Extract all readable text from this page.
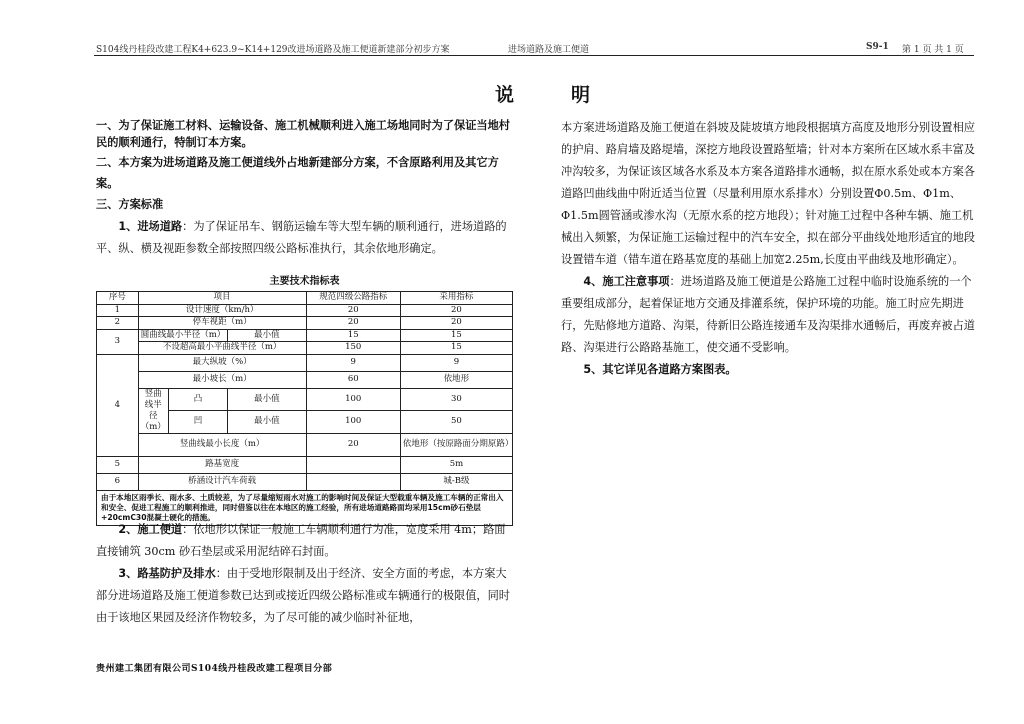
S104线丹桂段改建工程K4+623.9~K14+129改进场道路及施工便道新建部分初步方案	进场道路及施工便道	S9-1 第 1 页 共 1 页
说	明

一、为了保证施工材料、运输设备、施工机械顺利进入施工场地同时为了保证当地村民的顺利通行，特制订本方案。

二、本方案为进场道路及施工便道线外占地新建部分方案，不含原路利用及其它方案。

三、方案标准

1、进场道路：为了保证吊车、钢筋运输车等大型车辆的顺利通行，进场道路的平、纵、横及视距参数全部按照四级公路标准执行，其余依地形确定。

主要技术指标表
序号	项目			规范四级公路指标	采用指标
1	设计速度（km/h）			20	20
2	停车视距（m）			20	20
3	圆曲线最小半径（m）		最小值	15	15
	不设超高最小平曲线半径（m）			150	15
4	最大纵坡（%）			9	9
	最小坡长（m）			60	依地形
	竖曲线半径（m）	凸	最小值	100	30
		凹	最小值	100	50
	竖曲线最小长度（m）			20	依地形（按原路面分期原路）
5	路基宽度				5m
6	桥涵设计汽车荷载				城-B级
由于本地区雨季长、雨水多、土质较差，为了尽量缩短雨水对施工的影响时间及保证大型载重车辆及施工车辆的正常出入和安全、促进工程施工的顺利推进，同时借鉴以往在本地区的施工经验，所有进场道路路面均采用15cm砂石垫层+20cmC30混凝土硬化的措施。					

2、施工便道：依地形以保证一般施工车辆顺利通行为准，宽度采用 4m；路面直接铺筑 30cm 砂石垫层或采用泥结碎石封面。

3、路基防护及排水：由于受地形限制及出于经济、安全方面的考虑，本方案大部分进场道路及施工便道参数已达到或接近四级公路标准或车辆通行的极限值，同时由于该地区果园及经济作物较多，为了尽可能的减少临时补征地，

本方案进场道路及施工便道在斜坡及陡坡填方地段根据填方高度及地形分别设置相应的护肩、路肩墙及路堤墙，深挖方地段设置路堑墙；针对本方案所在区域水系丰富及冲沟较多，为保证该区域各水系及本方案各道路排水通畅，拟在原水系处或本方案各道路凹曲线曲中附近适当位置（尽量利用原水系排水）分别设置Φ0.5m、Φ1m、Φ1.5m圆管涵或渗水沟（无原水系的挖方地段）；针对施工过程中各种车辆、施工机械出入频繁，为保证施工运输过程中的汽车安全，拟在部分平曲线处地形适宜的地段设置错车道（错车道在路基宽度的基础上加宽2.25m,长度由平曲线及地形确定）。

4、施工注意事项：进场道路及施工便道是公路施工过程中临时设施系统的一个重要组成部分，起着保证地方交通及排灌系统，保护环境的功能。施工时应先期进行，先贴修地方道路、沟渠，待新旧公路连接通车及沟渠排水通畅后，再废弃被占道路、沟渠进行公路路基施工，使交通不受影响。

5、其它详见各道路方案图表。

贵州建工集团有限公司S104线丹桂段改建工程项目分部
